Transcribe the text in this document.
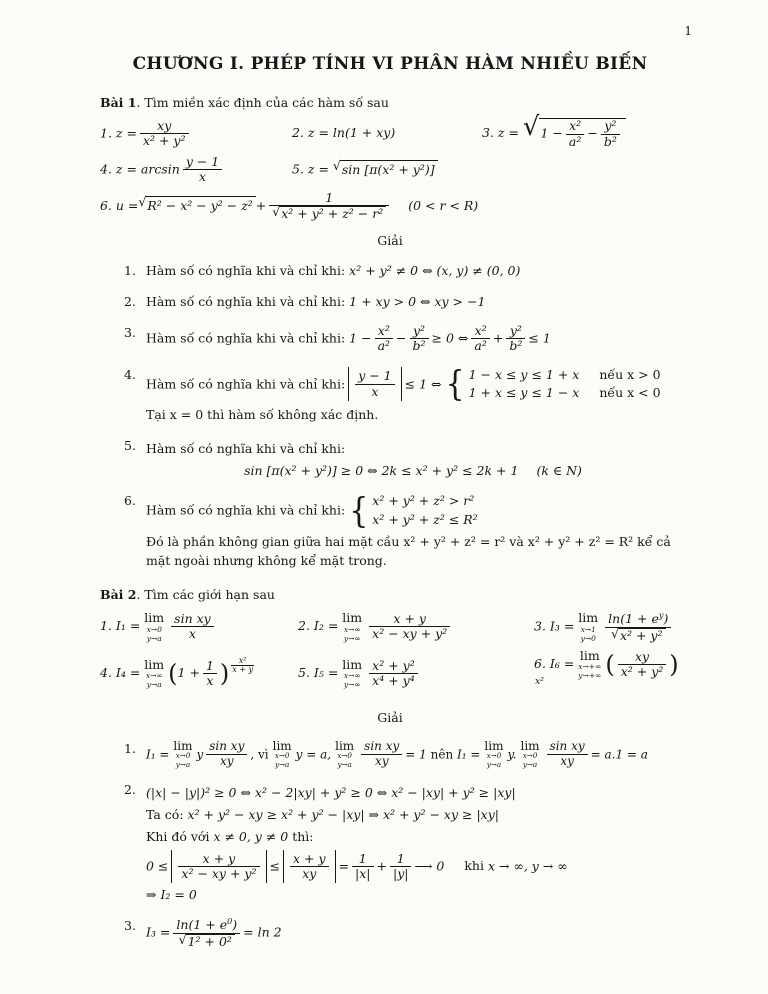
1
CHƯƠNG I. PHÉP TÍNH VI PHÂN HÀM NHIỀU BIẾN

Bài 1. Tìm miền xác định của các hàm số sau

1. $z = \frac{xy}{\text{x² + y²}}$	2. z = ln(1 + xy)	3. z = √ $1 - \frac{\text{x²}}{\text{a²}} - \frac{\text{y²}}{\text{b²}}$
4. $z = \arcsin \frac{y - 1}{x}$	5. z = √ sin [π(x² + y²)]
6. u = √ $R^2 - x^2 - y^2 - z^2 + \frac{1}{\text{√ x² + y² + z² − r²}} (0 < r < R)$
Giải
1. Hàm số có nghĩa khi và chỉ khi: x² + y² ≠ 0 ⇔ (x, y) ≠ (0, 0)
2. Hàm số có nghĩa khi và chỉ khi: 1 + xy > 0 ⇔ xy > −1
3. Hàm số có nghĩa khi và chỉ khi: $1 - \frac{\text{x²}}{\text{a²}} - \frac{\text{y²}}{\text{b²}} \ge 0$ ⇔ $\frac{\text{x²}}{\text{a²}} + \frac{\text{y²}}{\text{b²}} \le 1$
4.
Hàm số có nghĩa khi và chỉ khi: $\frac{y - 1}{x} \le 1$ ⇔ { 1 − x ≤ y ≤ 1 + x nếu x > 0
1 + x ≤ y ≤ 1 − x nếu x < 0
Tại x = 0 thì hàm số không xác định.
5. Hàm số có nghĩa khi và chỉ khi:
sin [π(x² + y²)] ≥ 0 ⇔ 2k ≤ x² + y² ≤ 2k + 1 (k ∈ N)
6.
Hàm số có nghĩa khi và chỉ khi: { x² + y² + z² > r²
x² + y² + z² ≤ R²
Đó là phần không gian giữa hai mặt cầu x² + y² + z² = r² và x² + y² + z² = R² kể cả mặt ngoài nhưng không kể mặt trong.

Bài 2. Tìm các giới hạn sau

1. I₁ =
lim
x→0
$y\to a \frac{\text{sin xy}}{x}$	2. I₂ =
lim
x→∞
$y\to\infty \frac{x + y}{\text{x² − xy + y²}}$	3. I₃ =
lim
x→1
$y\to 0 \frac{\ln(1 + e^y)}{\text{√ x² + y²}}$
4. I₄ =
lim
x→∞
y→a ($1 + \frac{1}{x}$ ) $\frac{\text{x²}}{x + y}$	5. I₅ =
lim
x→∞
$y\to\infty \frac{\text{x² + y²}}{\text{x⁴ + y⁴}}$	6. I₆ =
lim
x→+∞
y→+∞ ( $\frac{xy}{\text{x² + y²}} )x^2$
Giải
1. I₁ =
lim
x→0
y→a
y $\frac{\text{sin xy}}{xy}$ , vì
lim
x→0
y→a
y = a,
lim
x→0
$y\to a \frac{\text{sin xy}}{xy} = 1$ nên I₁ =
lim
x→0
y→a
y.
lim
x→0
$y\to a \frac{\text{sin xy}}{xy} = a.1 = a$
2. (|x| − |y|)² ≥ 0 ⇔ x² − 2|xy| + y² ≥ 0 ⇔ x² − |xy| + y² ≥ |xy|
Ta có: x² + y² − xy ≥ x² + y² − |xy| ⇒ x² + y² − xy ≥ |xy|
Khi đó với x ≠ 0, y ≠ 0 thì:
$0 \le \frac{x + y}{\text{x² − xy + y²}} \le \frac{x + y}{xy} = \frac{1}{|x|} + \frac{1}{|y|}$ ⟶ 0 khi x → ∞, y → ∞
⇒ I₂ = 0
3. $I_3 = \frac{\ln(1 + e^0)}{\text{√ 1² + 0²}} = \ln 2$
